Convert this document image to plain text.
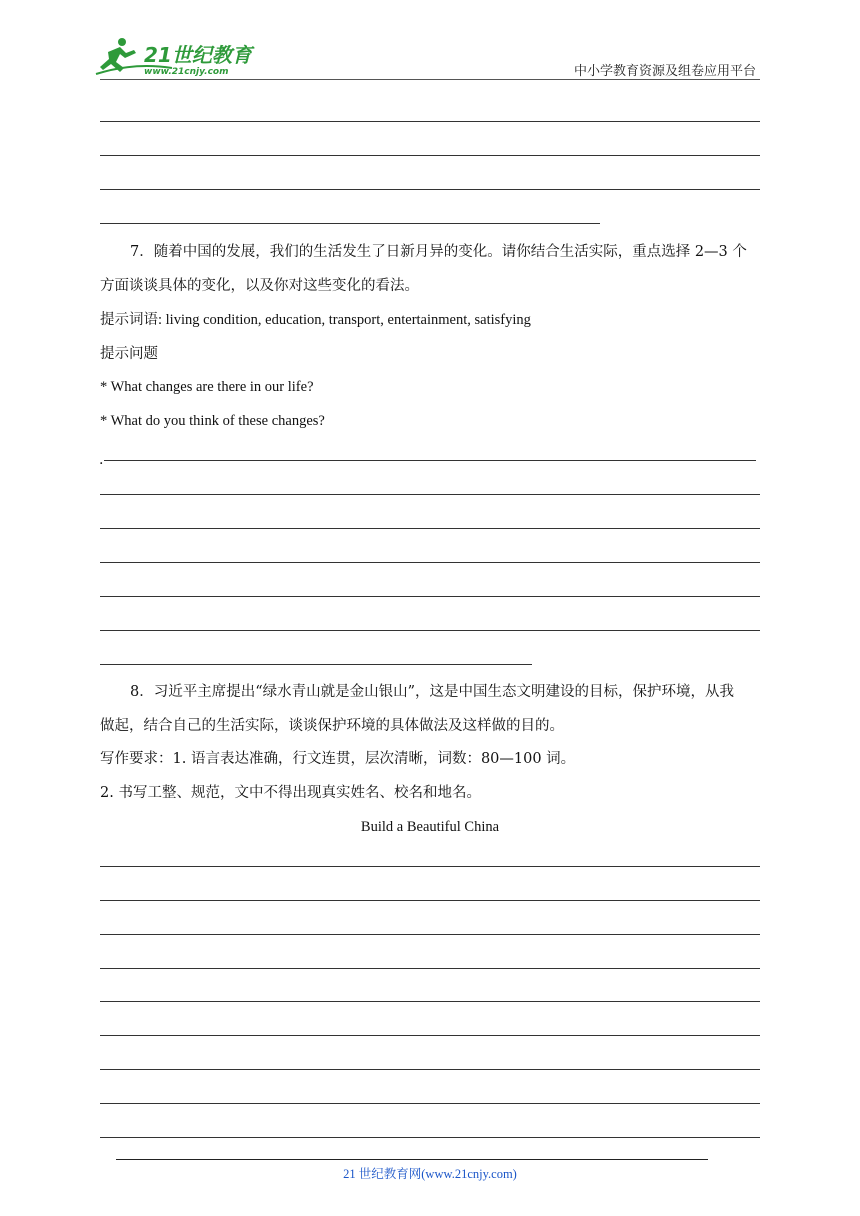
21世纪教育
www.21cnjy.com	中小学教育资源及组卷应用平台
7．随着中国的发展，我们的生活发生了日新月异的变化。请你结合生活实际，重点选择 2—3 个
方面谈谈具体的变化，以及你对这些变化的看法。
提示词语: living condition, education, transport, entertainment, satisfying
提示问题
* What changes are there in our life?
* What do you think of these changes?
.
8．习近平主席提出“绿水青山就是金山银山”，这是中国生态文明建设的目标，保护环境，从我
做起，结合自己的生活实际，谈谈保护环境的具体做法及这样做的目的。
写作要求：1. 语言表达准确，行文连贯，层次清晰，词数：80—100 词。
2. 书写工整、规范，文中不得出现真实姓名、校名和地名。
Build a Beautiful China
21 世纪教育网(www.21cnjy.com)
